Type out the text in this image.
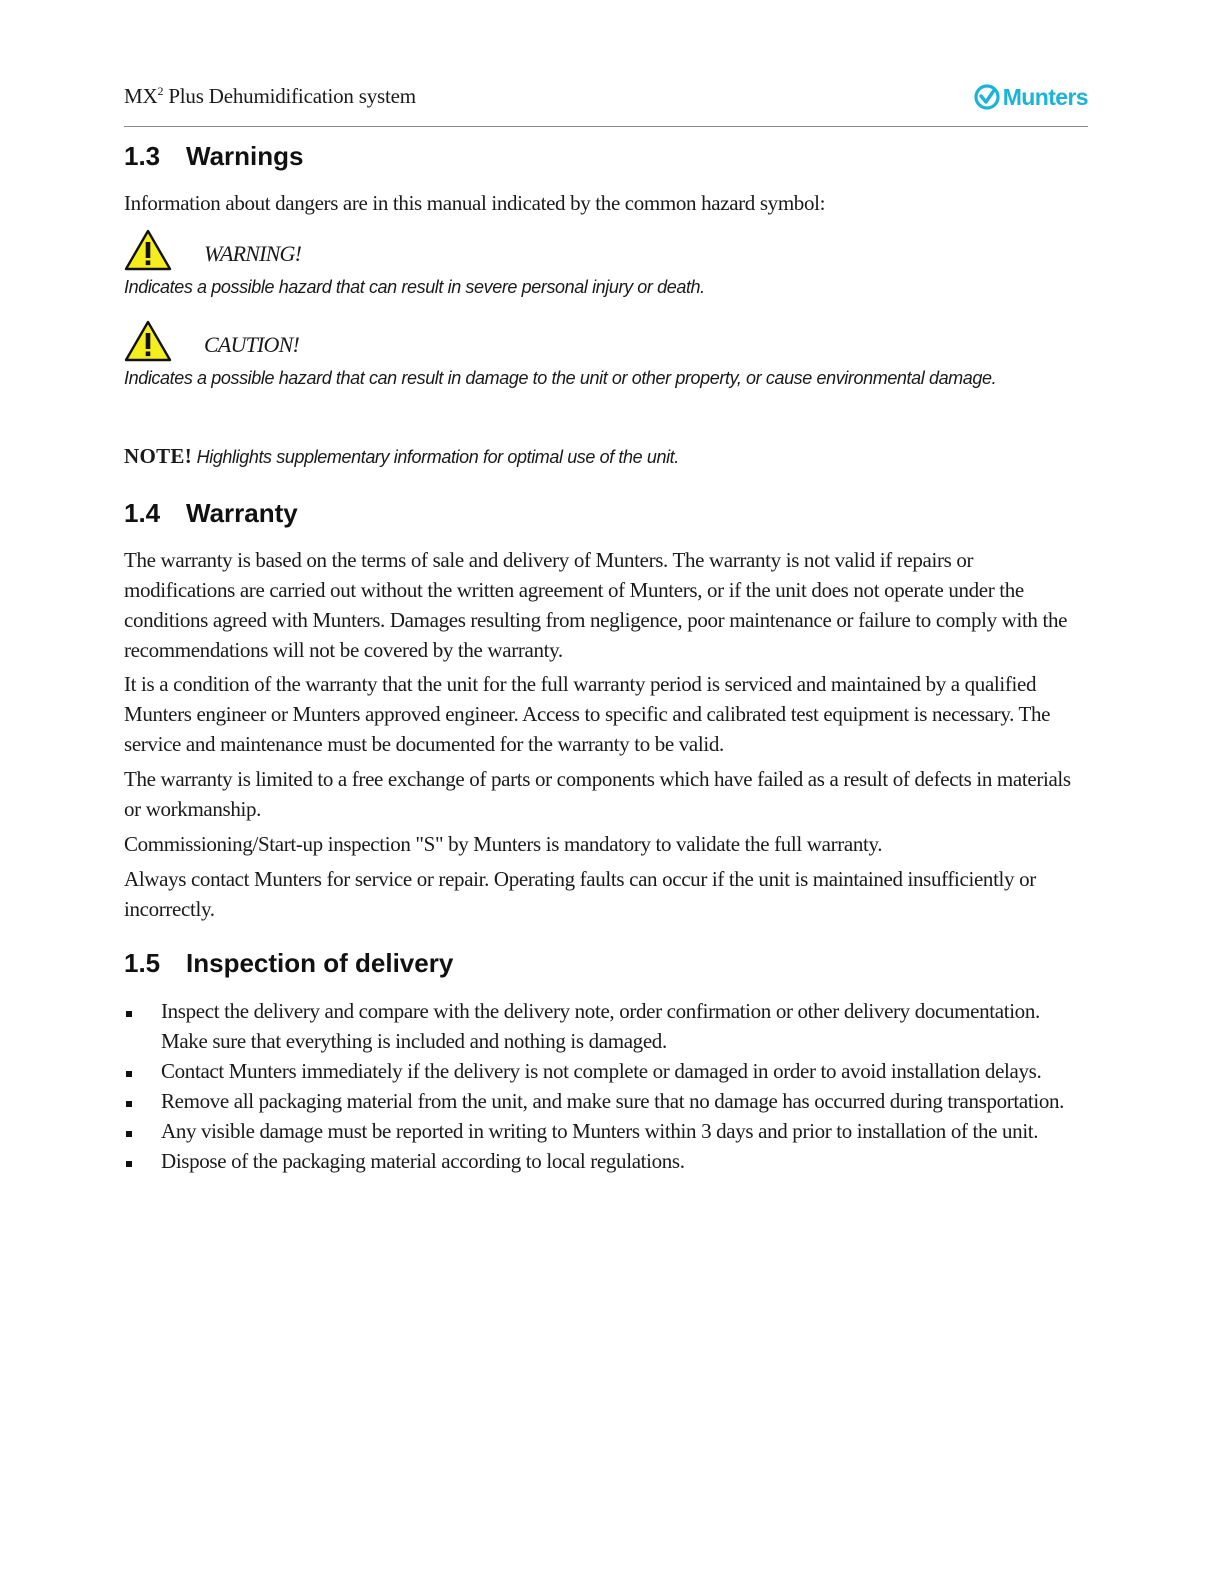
$MX^2$ Plus Dehumidification system	Munters
1.3 Warnings

Information about dangers are in this manual indicated by the common hazard symbol:

WARNING!
Indicates a possible hazard that can result in severe personal injury or death.
CAUTION!
Indicates a possible hazard that can result in damage to the unit or other property, or cause environmental damage.
NOTE! Highlights supplementary information for optimal use of the unit.
1.4 Warranty

The warranty is based on the terms of sale and delivery of Munters. The warranty is not valid if repairs or modifications are carried out without the written agreement of Munters, or if the unit does not operate under the conditions agreed with Munters. Damages resulting from negligence, poor maintenance or failure to comply with the recommendations will not be covered by the warranty.

It is a condition of the warranty that the unit for the full warranty period is serviced and maintained by a qualified Munters engineer or Munters approved engineer. Access to specific and calibrated test equipment is necessary. The service and maintenance must be documented for the warranty to be valid.

The warranty is limited to a free exchange of parts or components which have failed as a result of defects in materials or workmanship.

Commissioning/Start-up inspection "S" by Munters is mandatory to validate the full warranty.

Always contact Munters for service or repair. Operating faults can occur if the unit is maintained insufficiently or incorrectly.

1.5 Inspection of delivery
Inspect the delivery and compare with the delivery note, order confirmation or other delivery documentation. Make sure that everything is included and nothing is damaged.
Contact Munters immediately if the delivery is not complete or damaged in order to avoid installation delays.
Remove all packaging material from the unit, and make sure that no damage has occurred during transportation.
Any visible damage must be reported in writing to Munters within 3 days and prior to installation of the unit.
Dispose of the packaging material according to local regulations.
